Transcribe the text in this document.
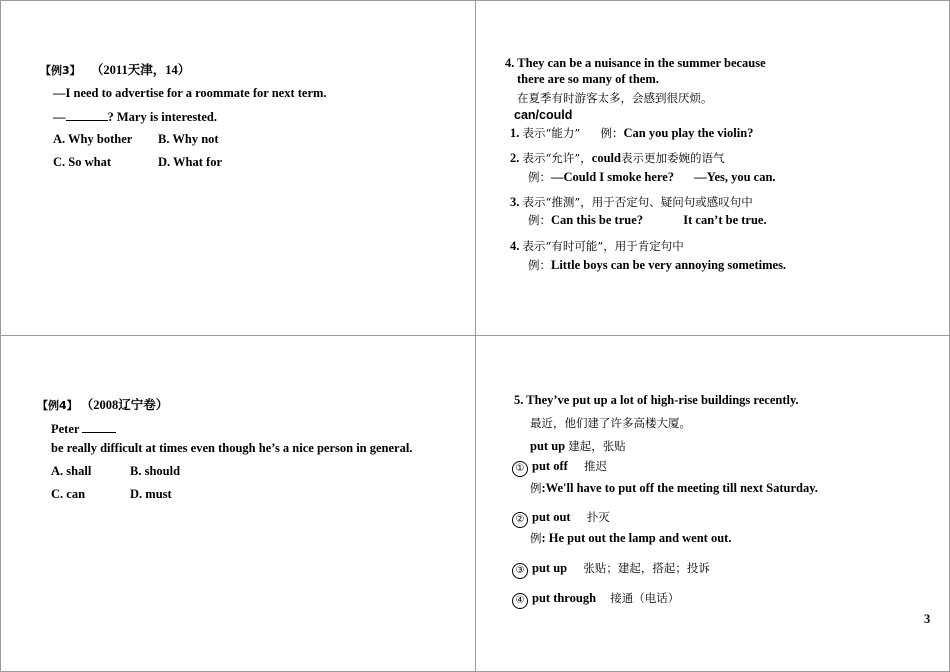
【例3】 （2011天津，14）
—I need to advertise for a roommate for next term.
—	? Mary is interested.
A. Why bother B. Why not
C. So what	D. What for
4. They can be a nuisance in the summer because
there are so many of them.
在夏季有时游客太多，会感到很厌烦。
can/could
1. 表示“能力” 例：Can you play the violin?
2. 表示“允许”，could表示更加委婉的语气
例：—Could I smoke here? —Yes, you can.
3. 表示“推测”，用于否定句、疑问句或感叹句中
例：Can this be true?	It can’t be true.
4. 表示“有时可能”，用于肯定句中
例：Little boys can be very annoying sometimes.
【例4】 （2008辽宁卷）
Peter
be really difficult at times even though he’s a nice person in general.
A. shall	B. should
C. can	D. must
5. They’ve put up a lot of high-rise buildings recently.
最近，他们建了许多高楼大厦。
put up 建起，张贴
① put off 推迟
例:We'll have to put off the meeting till next Saturday.
② put out 扑灭
例: He put out the lamp and went out.
③ put up 张贴；建起，搭起；投诉
④ put through 接通（电话）
3
